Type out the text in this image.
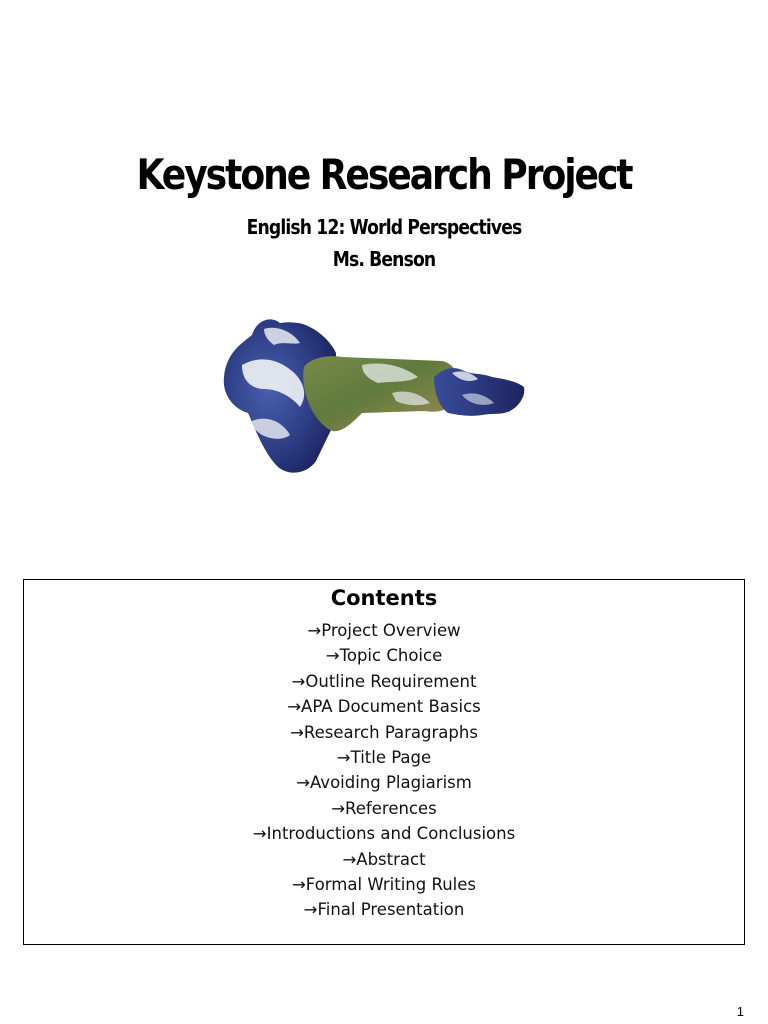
Keystone Research Project

English 12: World Perspectives

Ms. Benson

Contents
→Project Overview
→Topic Choice
→Outline Requirement
→APA Document Basics
→Research Paragraphs
→Title Page
→Avoiding Plagiarism
→References
→Introductions and Conclusions
→Abstract
→Formal Writing Rules
→Final Presentation
1
